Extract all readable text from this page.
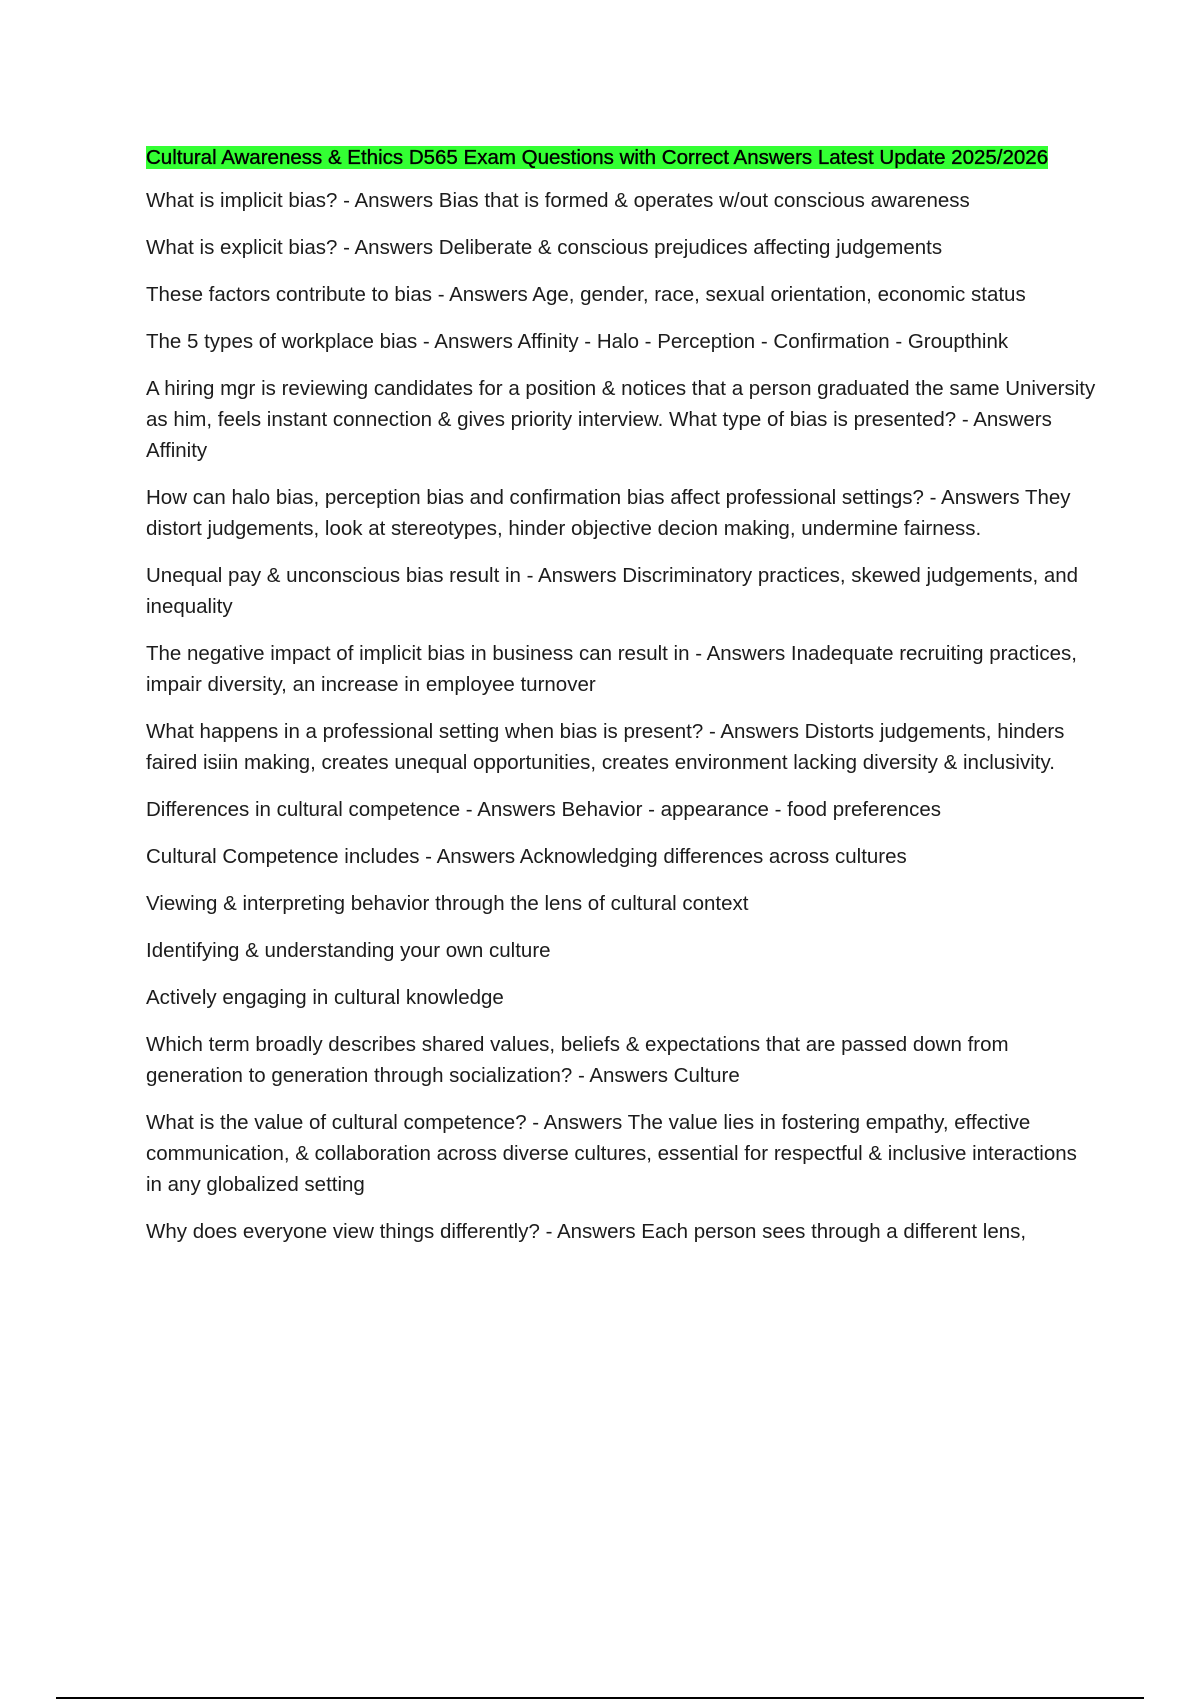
Cultural Awareness & Ethics D565 Exam Questions with Correct Answers Latest Update 2025/2026
What is implicit bias? - Answers Bias that is formed & operates w/out conscious awareness
What is explicit bias? - Answers Deliberate & conscious prejudices affecting judgements
These factors contribute to bias - Answers Age, gender, race, sexual orientation, economic status
The 5 types of workplace bias - Answers Affinity - Halo - Perception - Confirmation - Groupthink
A hiring mgr is reviewing candidates for a position & notices that a person graduated the same University as him, feels instant connection & gives priority interview. What type of bias is presented? - Answers Affinity
How can halo bias, perception bias and confirmation bias affect professional settings? - Answers They distort judgements, look at stereotypes, hinder objective decion making, undermine fairness.
Unequal pay & unconscious bias result in - Answers Discriminatory practices, skewed judgements, and inequality
The negative impact of implicit bias in business can result in - Answers Inadequate recruiting practices, impair diversity, an increase in employee turnover
What happens in a professional setting when bias is present? - Answers Distorts judgements, hinders faired isiin making, creates unequal opportunities, creates environment lacking diversity & inclusivity.
Differences in cultural competence - Answers Behavior - appearance - food preferences
Cultural Competence includes - Answers Acknowledging differences across cultures
Viewing & interpreting behavior through the lens of cultural context
Identifying & understanding your own culture
Actively engaging in cultural knowledge
Which term broadly describes shared values, beliefs & expectations that are passed down from generation to generation through socialization? - Answers Culture
What is the value of cultural competence? - Answers The value lies in fostering empathy, effective communication, & collaboration across diverse cultures, essential for respectful & inclusive interactions in any globalized setting
Why does everyone view things differently? - Answers Each person sees through a different lens,
